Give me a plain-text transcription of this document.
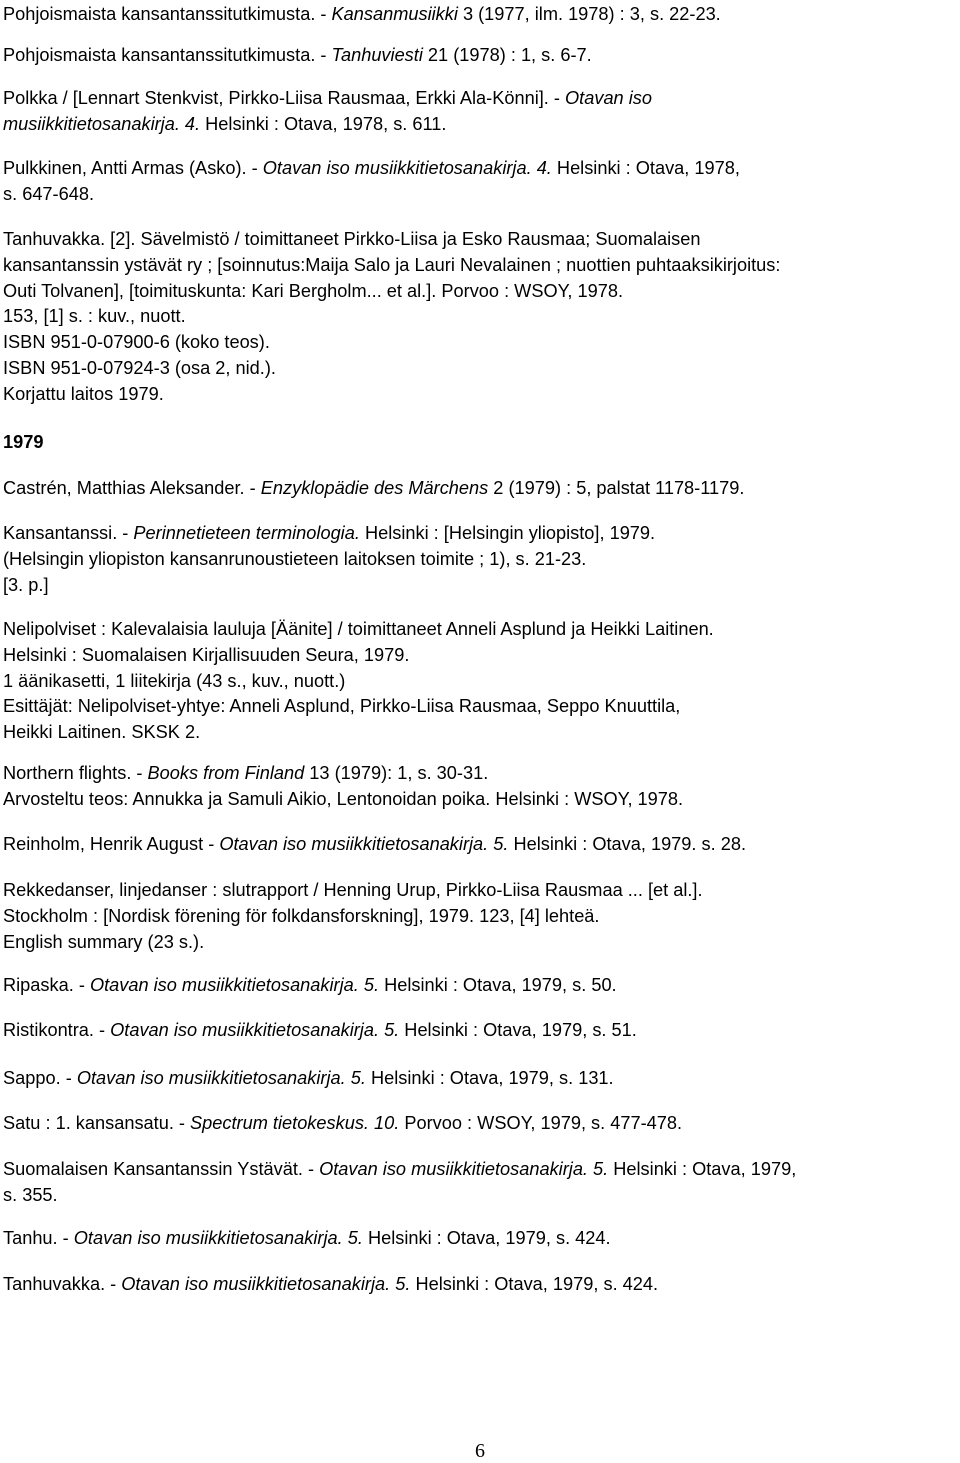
Pohjoismaista kansantanssitutkimusta. - Kansanmusiikki 3 (1977, ilm. 1978) : 3, s. 22-23.
Pohjoismaista kansantanssitutkimusta. - Tanhuviesti 21 (1978) : 1, s. 6-7.
Polkka / [Lennart Stenkvist, Pirkko-Liisa Rausmaa, Erkki Ala-Könni]. - Otavan iso
musiikkitietosanakirja. 4. Helsinki : Otava, 1978, s. 611.
Pulkkinen, Antti Armas (Asko). - Otavan iso musiikkitietosanakirja. 4. Helsinki : Otava, 1978,
s. 647-648.
Tanhuvakka. [2]. Sävelmistö / toimittaneet Pirkko-Liisa ja Esko Rausmaa; Suomalaisen
kansantanssin ystävät ry ; [soinnutus:Maija Salo ja Lauri Nevalainen ; nuottien puhtaaksikirjoitus:
Outi Tolvanen], [toimituskunta: Kari Bergholm... et al.]. Porvoo : WSOY, 1978.
153, [1] s. : kuv., nuott.
ISBN 951-0-07900-6 (koko teos).
ISBN 951-0-07924-3 (osa 2, nid.).
Korjattu laitos 1979.
1979
Castrén, Matthias Aleksander. - Enzyklopädie des Märchens 2 (1979) : 5, palstat 1178-1179.
Kansantanssi. - Perinnetieteen terminologia. Helsinki : [Helsingin yliopisto], 1979.
(Helsingin yliopiston kansanrunoustieteen laitoksen toimite ; 1), s. 21-23.
[3. p.]
Nelipolviset : Kalevalaisia lauluja [Äänite] / toimittaneet Anneli Asplund ja Heikki Laitinen.
Helsinki : Suomalaisen Kirjallisuuden Seura, 1979.
1 äänikasetti, 1 liitekirja (43 s., kuv., nuott.)
Esittäjät: Nelipolviset-yhtye: Anneli Asplund, Pirkko-Liisa Rausmaa, Seppo Knuuttila,
Heikki Laitinen. SKSK 2.
Northern flights. - Books from Finland 13 (1979): 1, s. 30-31.
Arvosteltu teos: Annukka ja Samuli Aikio, Lentonoidan poika. Helsinki : WSOY, 1978.
Reinholm, Henrik August - Otavan iso musiikkitietosanakirja. 5. Helsinki : Otava, 1979. s. 28.
Rekkedanser, linjedanser : slutrapport / Henning Urup, Pirkko-Liisa Rausmaa ... [et al.].
Stockholm : [Nordisk förening för folkdansforskning], 1979. 123, [4] lehteä.
English summary (23 s.).
Ripaska. - Otavan iso musiikkitietosanakirja. 5. Helsinki : Otava, 1979, s. 50.
Ristikontra. - Otavan iso musiikkitietosanakirja. 5. Helsinki : Otava, 1979, s. 51.
Sappo. - Otavan iso musiikkitietosanakirja. 5. Helsinki : Otava, 1979, s. 131.
Satu : 1. kansansatu. - Spectrum tietokeskus. 10. Porvoo : WSOY, 1979, s. 477-478.
Suomalaisen Kansantanssin Ystävät. - Otavan iso musiikkitietosanakirja. 5. Helsinki : Otava, 1979,
s. 355.
Tanhu. - Otavan iso musiikkitietosanakirja. 5. Helsinki : Otava, 1979, s. 424.
Tanhuvakka. - Otavan iso musiikkitietosanakirja. 5. Helsinki : Otava, 1979, s. 424.
6
